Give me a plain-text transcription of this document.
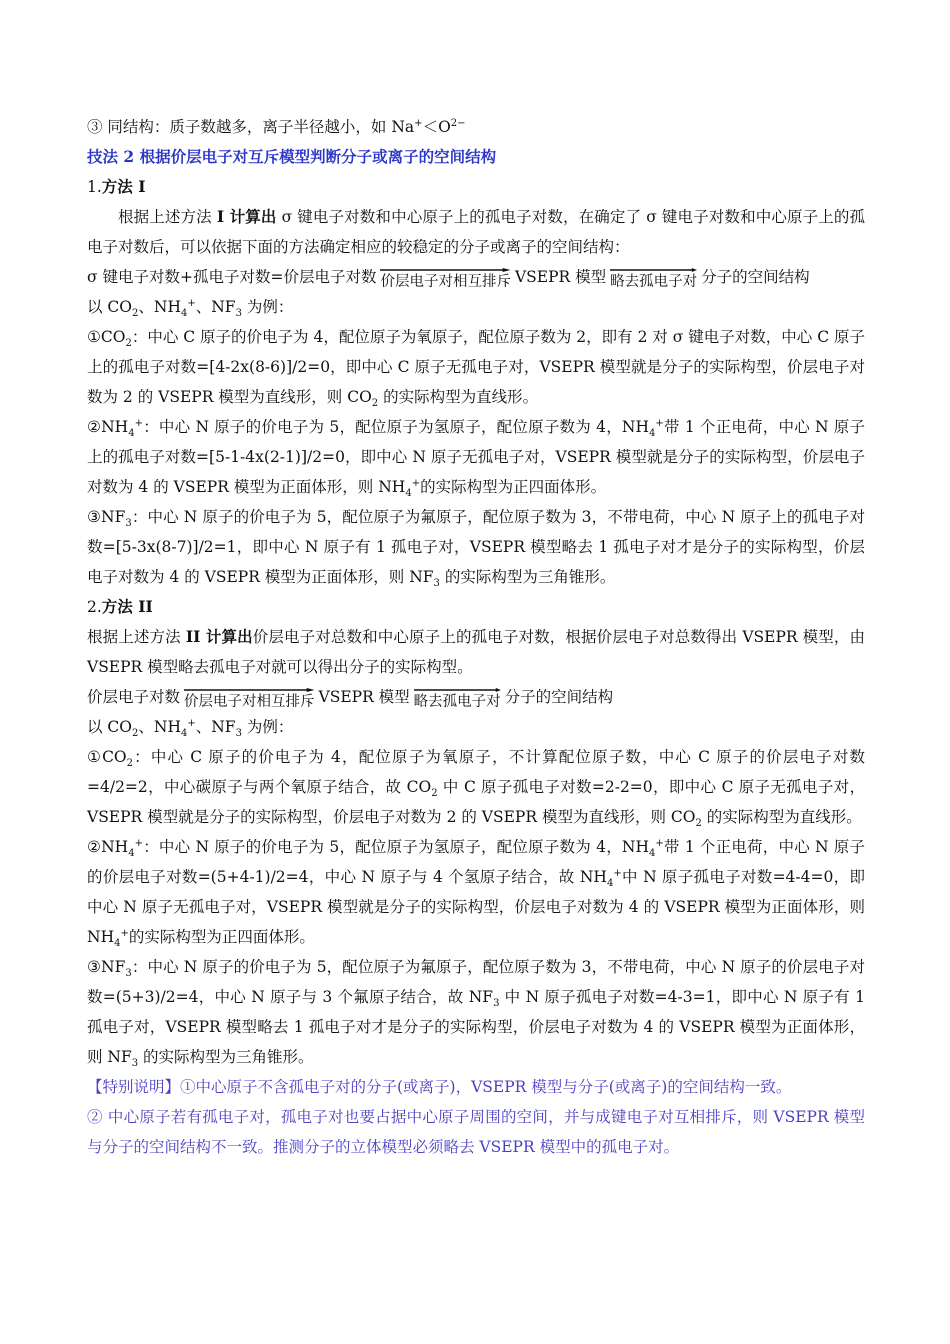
③ 同结构：质子数越多，离子半径越小，如 $Na^+<O^{2-}$

技法 2 根据价层电子对互斥模型判断分子或离子的空间结构

1.方法 I

根据上述方法 I 计算出 σ 键电子对数和中心原子上的孤电子对数，在确定了 σ 键电子对数和中心原子上的孤电子对数后，可以依据下面的方法确定相应的较稳定的分子或离子的空间结构：

σ 键电子对数+孤电子对数=价层电子对数 价层电子对相互排斥 VSEPR 模型 略去孤电子对 分子的空间结构

以 $CO_2$、$NH_4^+$、$NF_3$ 为例：

$①CO_2$：中心 C 原子的价电子为 4，配位原子为氧原子，配位原子数为 2，即有 2 对 σ 键电子对数，中心 C 原子上的孤电子对数=[4-2x(8-6)]/2=0，即中心 C 原子无孤电子对，VSEPR 模型就是分子的实际构型，价层电子对数为 2 的 VSEPR 模型为直线形，则 $CO_2$ 的实际构型为直线形。

$②NH_4^+$：中心 N 原子的价电子为 5，配位原子为氢原子，配位原子数为 4，$NH_4^+$带 1 个正电荷，中心 N 原子上的孤电子对数=[5-1-4x(2-1)]/2=0，即中心 N 原子无孤电子对，VSEPR 模型就是分子的实际构型，价层电子对数为 4 的 VSEPR 模型为正面体形，则 $NH_4^+$的实际构型为正四面体形。

$③NF_3$：中心 N 原子的价电子为 5，配位原子为氟原子，配位原子数为 3，不带电荷，中心 N 原子上的孤电子对数=[5-3x(8-7)]/2=1，即中心 N 原子有 1 孤电子对，VSEPR 模型略去 1 孤电子对才是分子的实际构型，价层电子对数为 4 的 VSEPR 模型为正面体形，则 $NF_3$ 的实际构型为三角锥形。

2.方法 II

根据上述方法 II 计算出价层电子对总数和中心原子上的孤电子对数，根据价层电子对总数得出 VSEPR 模型，由 VSEPR 模型略去孤电子对就可以得出分子的实际构型。

价层电子对数 价层电子对相互排斥 VSEPR 模型 略去孤电子对 分子的空间结构

以 $CO_2$、$NH_4^+$、$NF_3$ 为例：

$①CO_2$：中心 C 原子的价电子为 4，配位原子为氧原子，不计算配位原子数，中心 C 原子的价层电子对数=4/2=2，中心碳原子与两个氧原子结合，故 $CO_2$ 中 C 原子孤电子对数=2-2=0，即中心 C 原子无孤电子对，VSEPR 模型就是分子的实际构型，价层电子对数为 2 的 VSEPR 模型为直线形，则 $CO_2$ 的实际构型为直线形。

$②NH_4^+$：中心 N 原子的价电子为 5，配位原子为氢原子，配位原子数为 4，$NH_4^+$带 1 个正电荷，中心 N 原子的价层电子对数=(5+4-1)/2=4，中心 N 原子与 4 个氢原子结合，故 $NH_4^+$中 N 原子孤电子对数=4-4=0，即中心 N 原子无孤电子对，VSEPR 模型就是分子的实际构型，价层电子对数为 4 的 VSEPR 模型为正面体形，则 $NH_4^+$的实际构型为正四面体形。

$③NF_3$：中心 N 原子的价电子为 5，配位原子为氟原子，配位原子数为 3，不带电荷，中心 N 原子的价层电子对数=(5+3)/2=4，中心 N 原子与 3 个氟原子结合，故 $NF_3$ 中 N 原子孤电子对数=4-3=1，即中心 N 原子有 1 孤电子对，VSEPR 模型略去 1 孤电子对才是分子的实际构型，价层电子对数为 4 的 VSEPR 模型为正面体形，则 $NF_3$ 的实际构型为三角锥形。

【特别说明】①中心原子不含孤电子对的分子(或离子)，VSEPR 模型与分子(或离子)的空间结构一致。

② 中心原子若有孤电子对，孤电子对也要占据中心原子周围的空间，并与成键电子对互相排斥，则 VSEPR 模型与分子的空间结构不一致。推测分子的立体模型必须略去 VSEPR 模型中的孤电子对。
